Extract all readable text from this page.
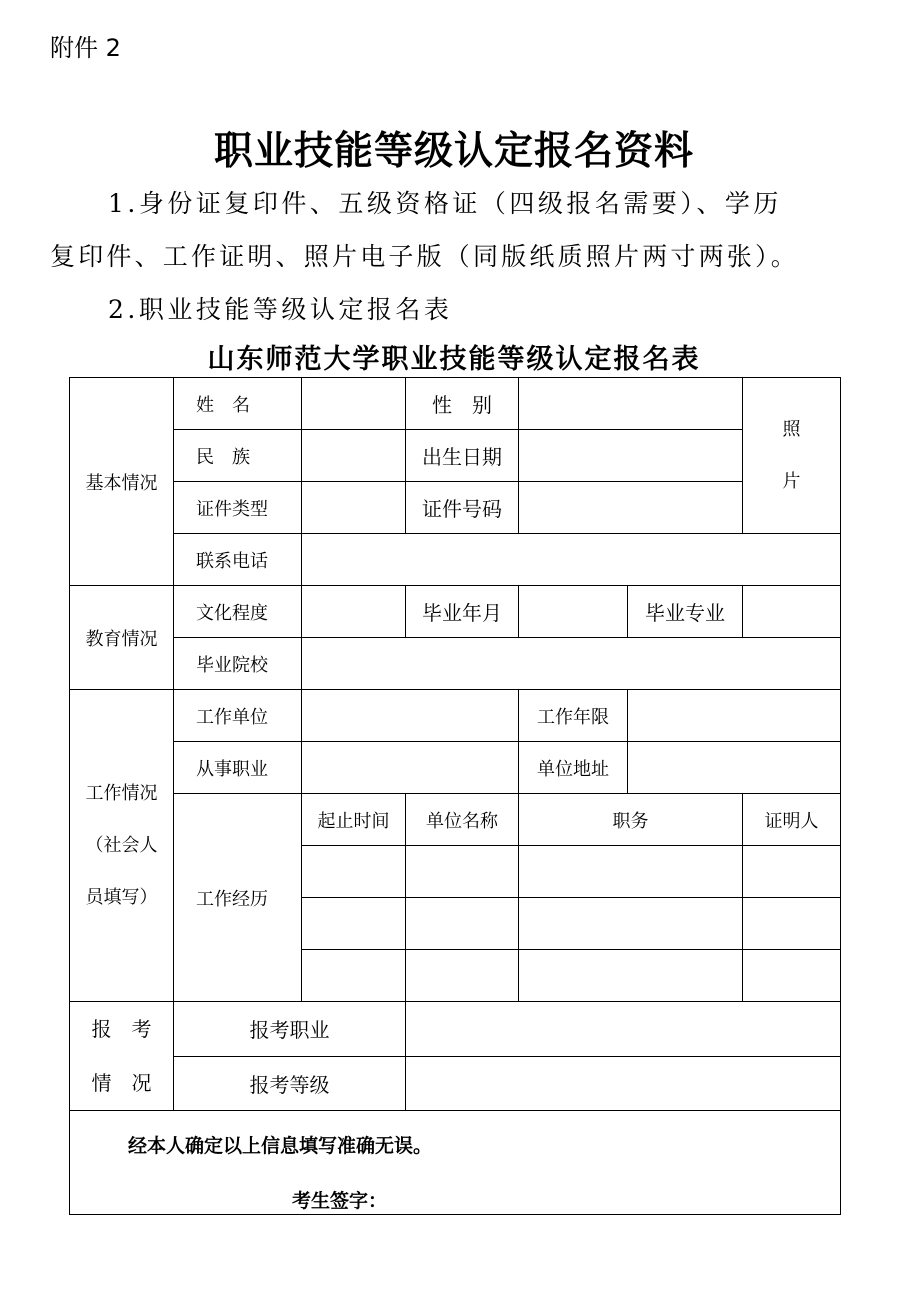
附件 2
职业技能等级认定报名资料
1.身份证复印件、五级资格证（四级报名需要）、学历
复印件、工作证明、照片电子版（同版纸质照片两寸两张）。
2.职业技能等级认定报名表
山东师范大学职业技能等级认定报名表
基本情况	姓　名		性　别			照
片

	民　族		出生日期			
	证件类型		证件号码			
	联系电话					
教育情况	文化程度		毕业年月		毕业专业	
	毕业院校					

工作情况
（社会人
员填写）	工作单位			工作年限		
	从事职业			单位地址		
	工作经历	起止时间	单位名称	职务		证明人

报　考
情　况	报考职业					
	报考等级					

经本人确定以上信息填写准确无误。
考生签字：						
